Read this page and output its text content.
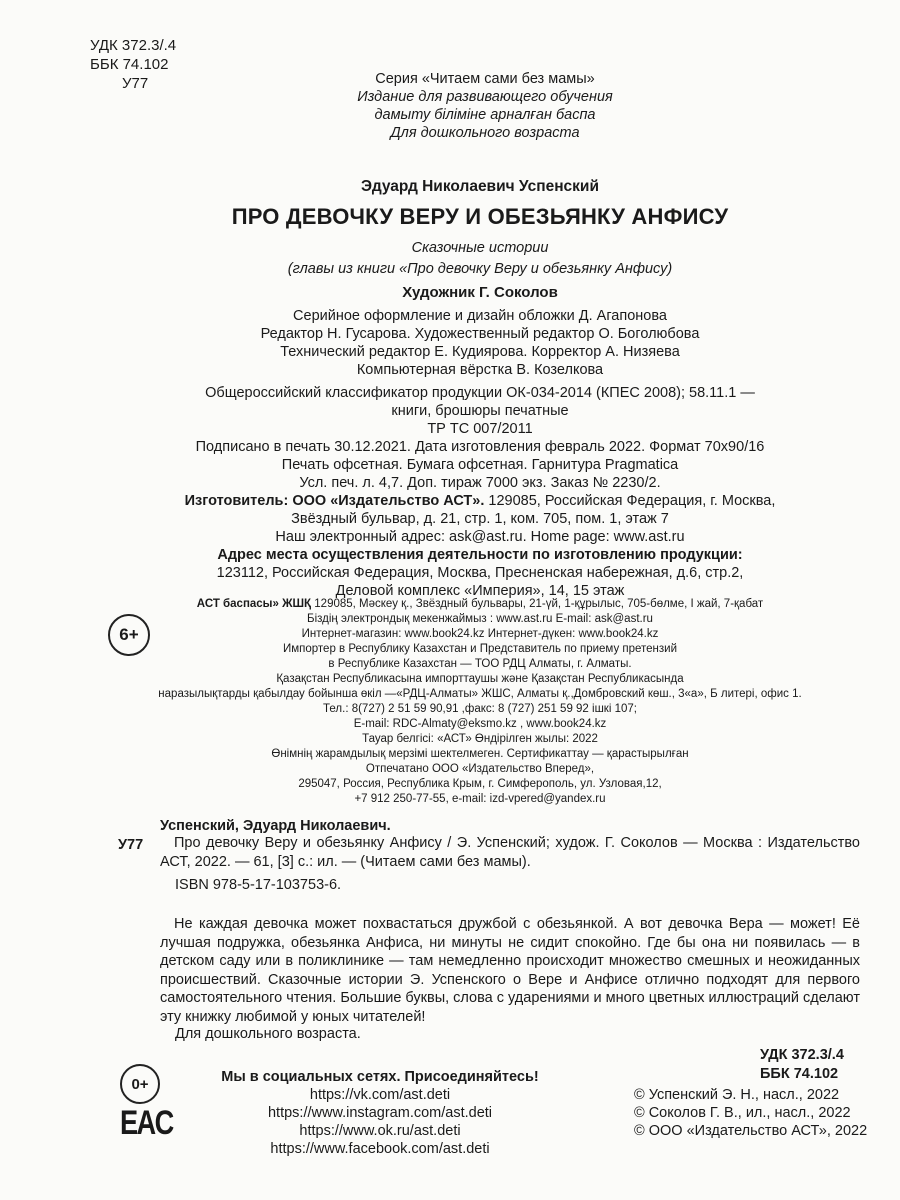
УДК 372.3/.4
ББК 74.102
У77	Серия «Читаем сами без мамы»
Издание для развивающего обучения
дамыту біліміне арналған баспа
Для дошкольного возраста
Эдуард Николаевич Успенский
ПРО ДЕВОЧКУ ВЕРУ И ОБЕЗЬЯНКУ АНФИСУ
Сказочные истории
(главы из книги «Про девочку Веру и обезьянку Анфису)
Художник Г. Соколов
Серийное оформление и дизайн обложки Д. Агапонова
Редактор Н. Гусарова. Художественный редактор О. Боголюбова
Технический редактор Е. Кудиярова. Корректор А. Низяева
Компьютерная вёрстка В. Козелкова
Общероссийский классификатор продукции ОК-034-2014 (КПЕС 2008); 58.11.1 —
книги, брошюры печатные
ТР ТС 007/2011
Подписано в печать 30.12.2021. Дата изготовления февраль 2022. Формат 70x90/16
Печать офсетная. Бумага офсетная. Гарнитура Pragmatica
Усл. печ. л. 4,7. Доп. тираж 7000 экз. Заказ № 2230/2.
Изготовитель: ООО «Издательство АСТ». 129085, Российская Федерация, г. Москва,
Звёздный бульвар, д. 21, стр. 1, ком. 705, пом. 1, этаж 7
Наш электронный адрес: ask@ast.ru. Home page: www.ast.ru
Адрес места осуществления деятельности по изготовлению продукции:
123112, Российская Федерация, Москва, Пресненская набережная, д.6, стр.2,
Деловой комплекс «Империя», 14, 15 этаж
6+
АСТ баспасы» ЖШҚ 129085, Мәскеу қ., Звёздный бульвары, 21-үй, 1-құрылыс, 705-бөлме, І жай, 7-қабат
Біздің электрондық мекенжаймыз : www.ast.ru E-mail: ask@ast.ru
Интернет-магазин: www.book24.kz Интернет-дүкен: www.book24.kz
Импортер в Республику Казахстан и Представитель по приему претензий
в Республике Казахстан — ТОО РДЦ Алматы, г. Алматы.
Қазақстан Республикасына импорттаушы және Қазақстан Республикасында
наразылықтарды қабылдау бойынша өкіл —«РДЦ-Алматы» ЖШС, Алматы қ.,Домбровский көш., 3«а», Б литері, офис 1.
Тел.: 8(727) 2 51 59 90,91 ,факс: 8 (727) 251 59 92 ішкі 107;
E-mail: RDC-Almaty@eksmo.kz , www.book24.kz
Тауар белгісі: «АСТ» Өндірілген жылы: 2022
Өнімнің жарамдылық мерзімі шектелмеген. Сертификаттау — қарастырылған
Отпечатано ООО «Издательство Вперед»,
295047, Россия, Республика Крым, г. Симферополь, ул. Узловая,12,
+7 912 250-77-55, e-mail: izd-vpered@yandex.ru
Успенский, Эдуард Николаевич.
У77	Про девочку Веру и обезьянку Анфису / Э. Успенский; худож. Г. Соколов — Москва : Издательство АСТ, 2022. — 61, [3] с.: ил. — (Читаем сами без мамы).
ISBN 978-5-17-103753-6.
Не каждая девочка может похвастаться дружбой с обезьянкой. А вот девочка Вера — может! Её лучшая подружка, обезьянка Анфиса, ни минуты не сидит спокойно. Где бы она ни появилась — в детском саду или в поликлинике — там немедленно происходит множество смешных и неожиданных происшествий. Сказочные истории Э. Успенского о Вере и Анфисе отлично подходят для первого самостоятельного чтения. Большие буквы, слова с ударениями и много цветных иллюстраций сделают эту книжку любимой у юных читателей!
Для дошкольного возраста.
УДК 372.3/.4
ББК 74.102
0+
EAC
Мы в социальных сетях. Присоединяйтесь!
https://vk.com/ast.deti
https://www.instagram.com/ast.deti
https://www.ok.ru/ast.deti
https://www.facebook.com/ast.deti
© Успенский Э. Н., насл., 2022
© Соколов Г. В., ил., насл., 2022
© ООО «Издательство АСТ», 2022
